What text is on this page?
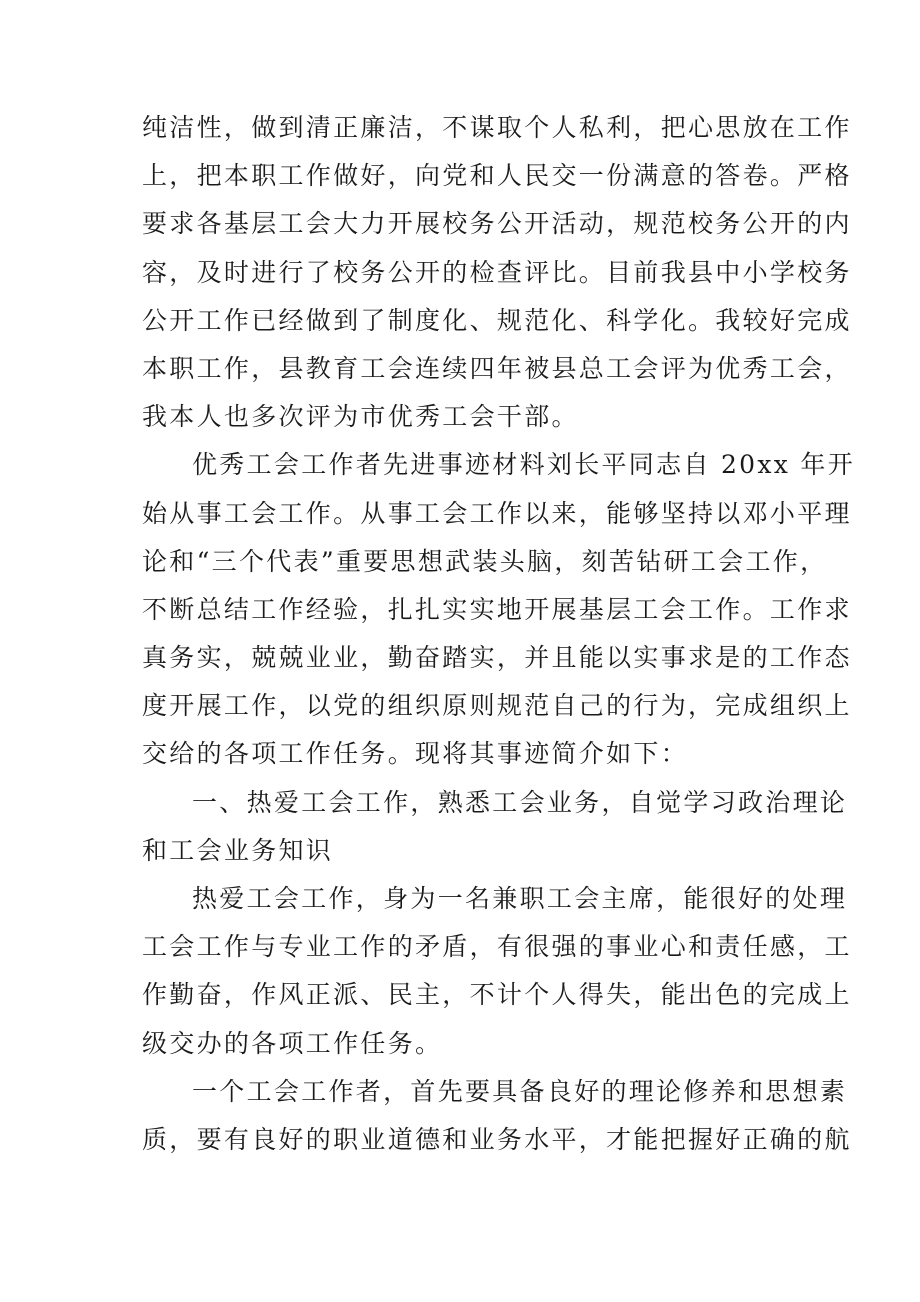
纯洁性，做到清正廉洁，不谋取个人私利，把心思放在工作
上，把本职工作做好，向党和人民交一份满意的答卷。严格
要求各基层工会大力开展校务公开活动，规范校务公开的内
容，及时进行了校务公开的检查评比。目前我县中小学校务
公开工作已经做到了制度化、规范化、科学化。我较好完成
本职工作，县教育工会连续四年被县总工会评为优秀工会，
我本人也多次评为市优秀工会干部。
优秀工会工作者先进事迹材料刘长平同志自 20xx 年开
始从事工会工作。从事工会工作以来，能够坚持以邓小平理
论和“三个代表”重要思想武装头脑，刻苦钻研工会工作，
不断总结工作经验，扎扎实实地开展基层工会工作。工作求
真务实，兢兢业业，勤奋踏实，并且能以实事求是的工作态
度开展工作，以党的组织原则规范自己的行为，完成组织上
交给的各项工作任务。现将其事迹简介如下：
一、热爱工会工作，熟悉工会业务，自觉学习政治理论
和工会业务知识
热爱工会工作，身为一名兼职工会主席，能很好的处理
工会工作与专业工作的矛盾，有很强的事业心和责任感，工
作勤奋，作风正派、民主，不计个人得失，能出色的完成上
级交办的各项工作任务。
一个工会工作者，首先要具备良好的理论修养和思想素
质，要有良好的职业道德和业务水平，才能把握好正确的航
